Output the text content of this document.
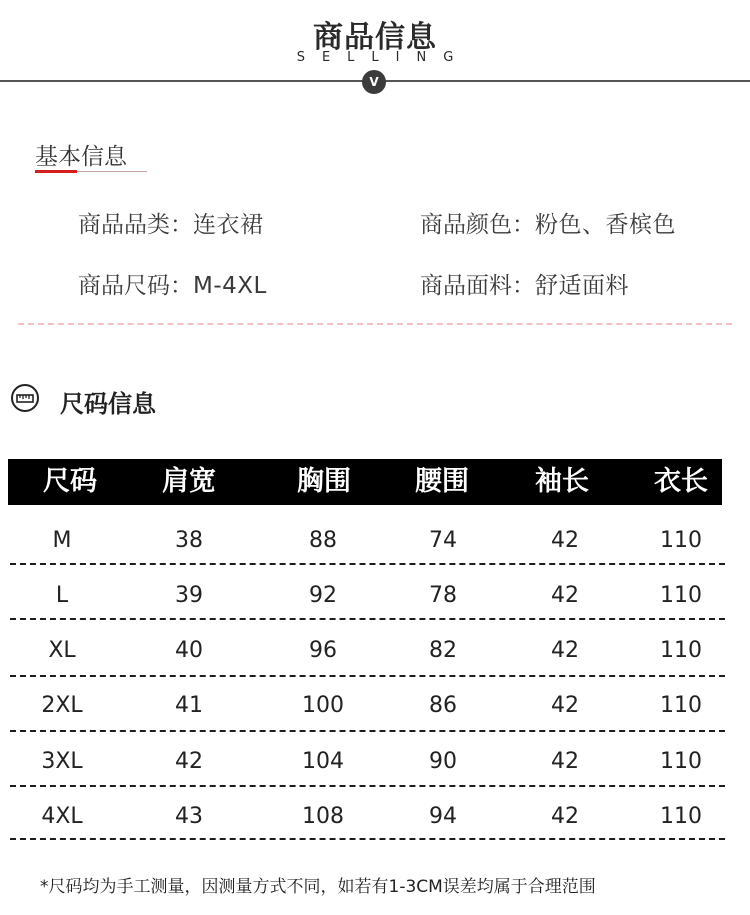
商品信息
SELLING
V
基本信息
商品品类：连衣裙	商品颜色：粉色、香槟色
商品尺码：M-4XL	商品面料：舒适面料
尺码信息
尺码	肩宽	胸围	腰围	袖长	衣长
M	38	88	74	42	110
L	39	92	78	42	110
XL	40	96	82	42	110
2XL	41	100	86	42	110
3XL	42	104	90	42	110
4XL	43	108	94	42	110
*尺码均为手工测量，因测量方式不同，如若有1-3CM误差均属于合理范围
